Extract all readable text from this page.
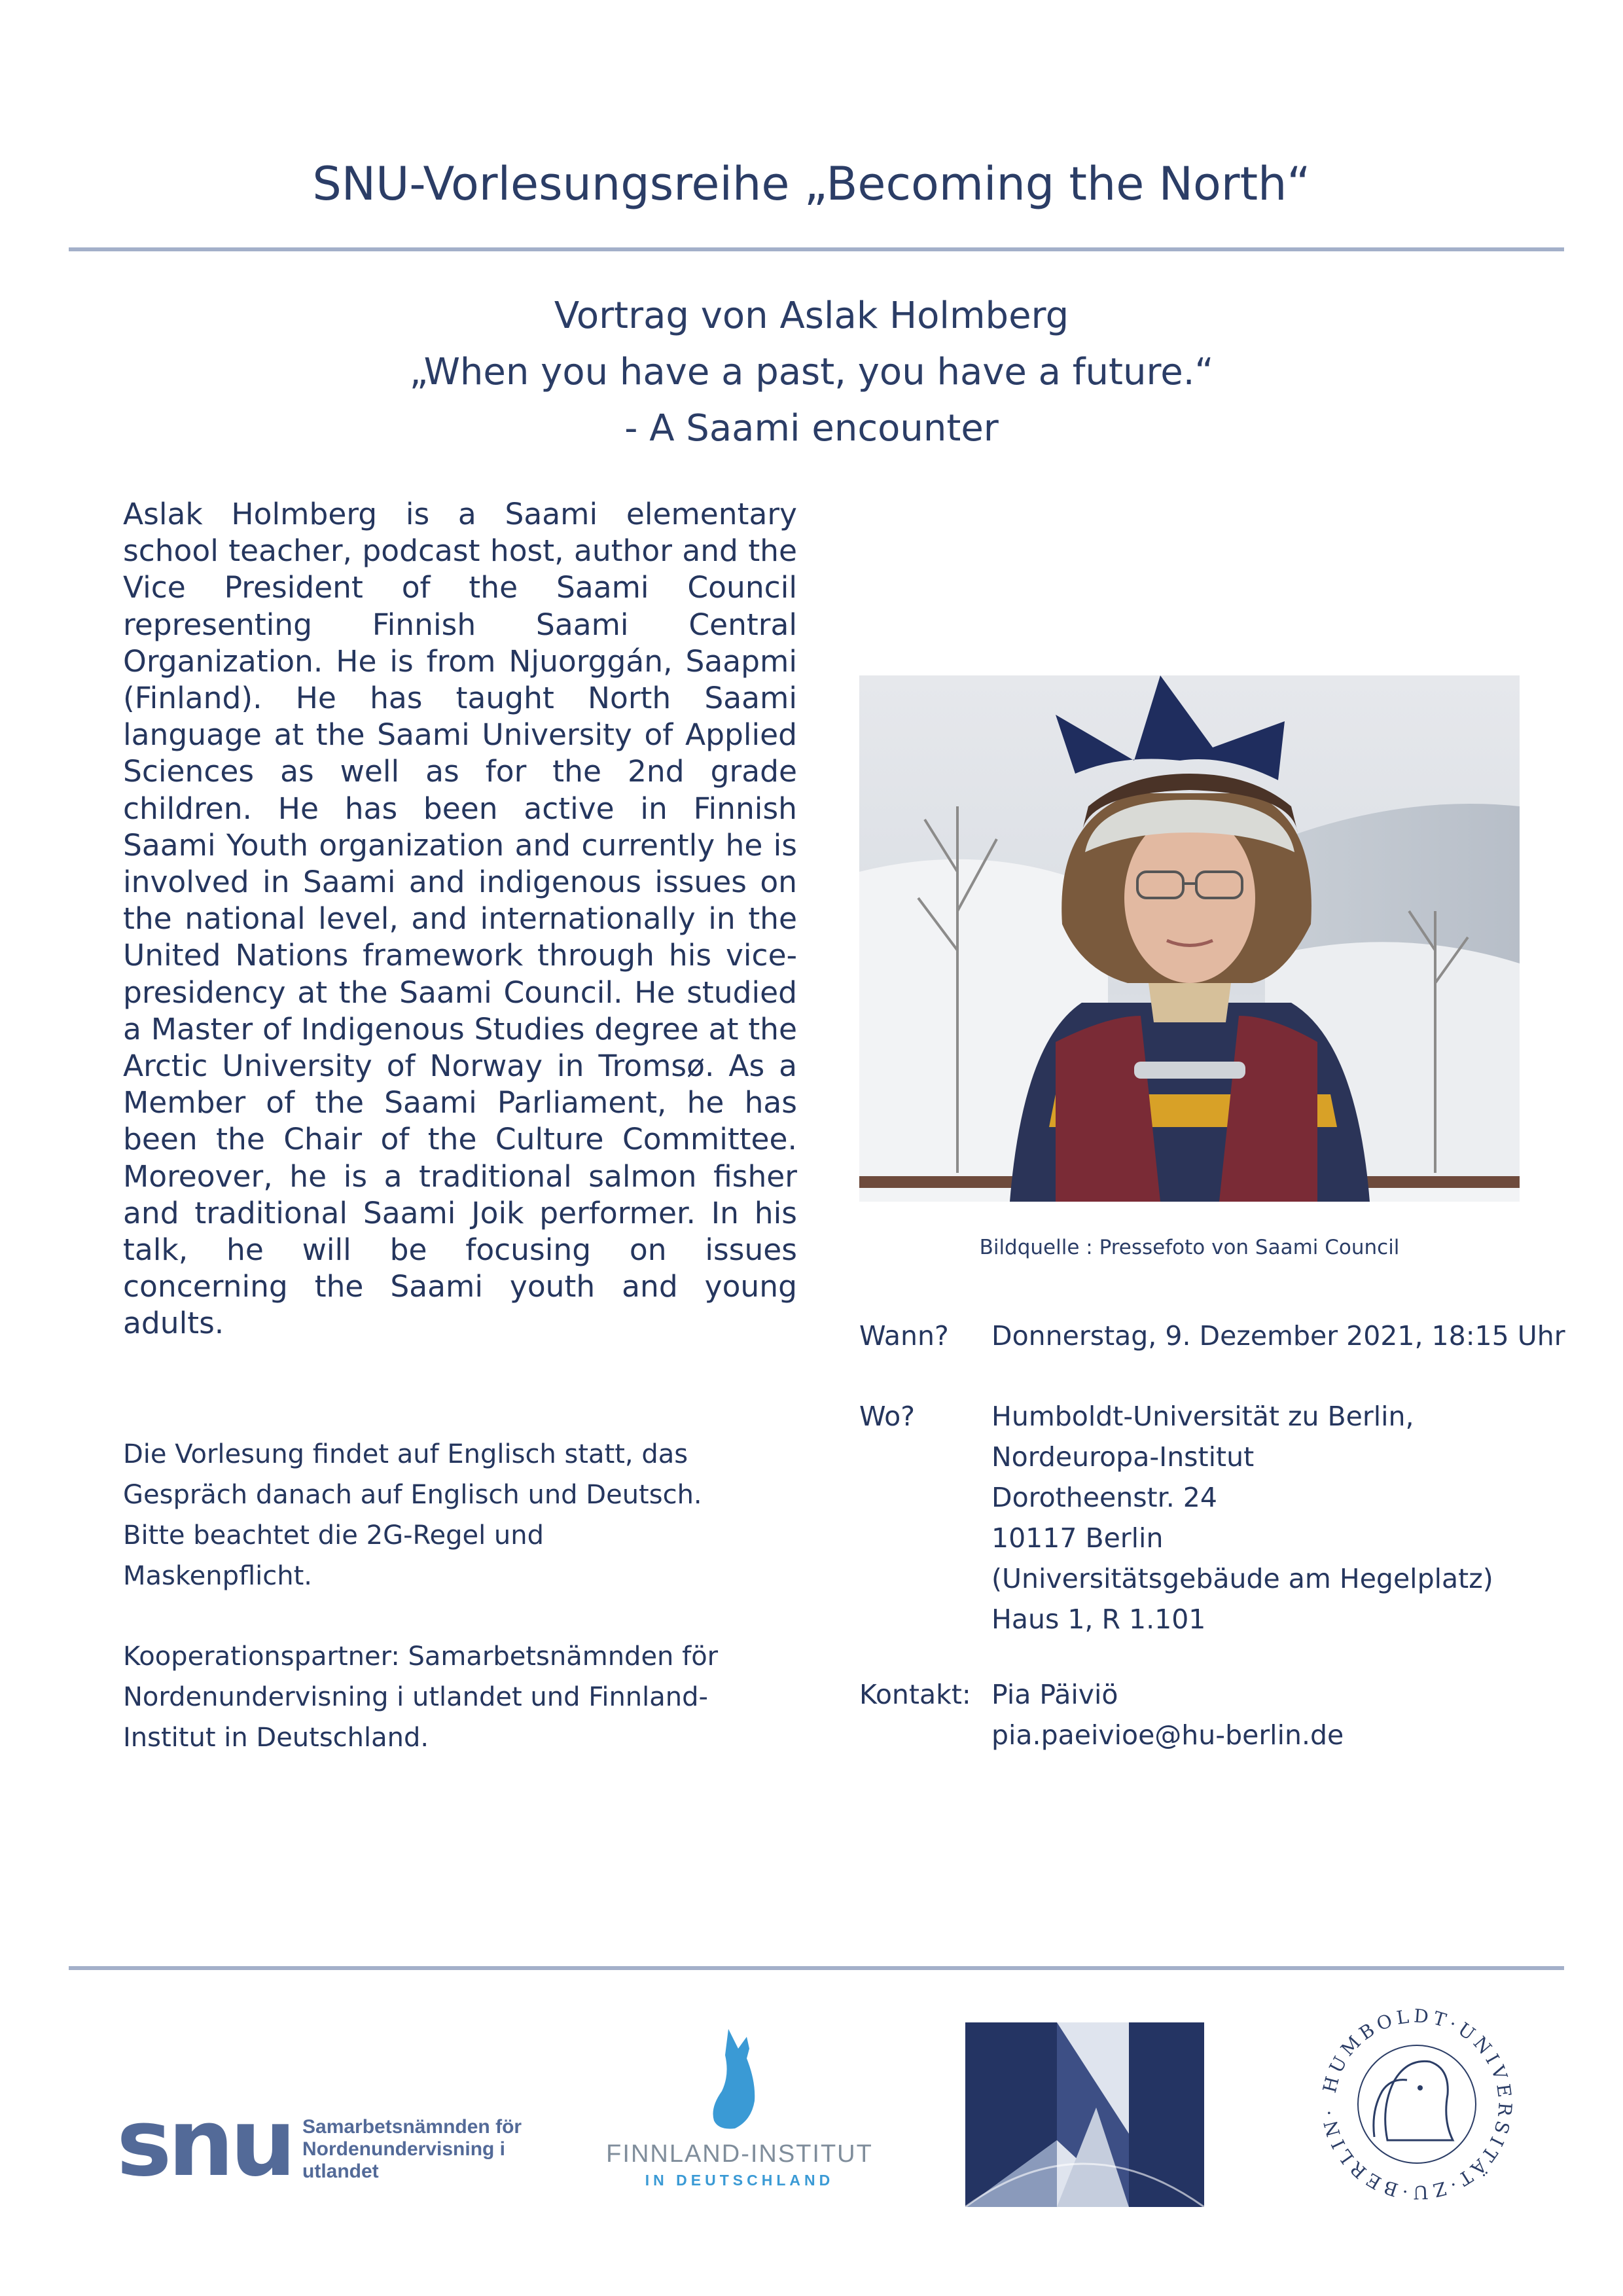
SNU-Vorlesungsreihe „Becoming the North“
Vortrag von Aslak Holmberg
„When you have a past, you have a future.“
- A Saami encounter
Aslak Holmberg is a Saami elementary school teacher, podcast host, author and the Vice President of the Saami Council representing Finnish Saami Central Organization. He is from Njuorggán, Saapmi (Finland). He has taught North Saami language at the Saami University of Applied Sciences as well as for the 2nd grade children. He has been active in Finnish Saami Youth organization and currently he is involved in Saami and indigenous issues on the national level, and internationally in the United Nations framework through his vice-presidency at the Saami Council. He studied a Master of Indigenous Studies degree at the Arctic University of Norway in Tromsø. As a Member of the Saami Parliament, he has been the Chair of the Culture Committee. Moreover, he is a traditional salmon fisher and traditional Saami Joik performer. In his talk, he will be focusing on issues concerning the Saami youth and young adults.
Die Vorlesung findet auf Englisch statt, das
Gespräch danach auf Englisch und Deutsch.
Bitte beachtet die 2G-Regel und
Maskenpflicht.
Kooperationspartner: Samarbetsnämnden för
Nordenundervisning i utlandet und Finnland-
Institut in Deutschland.
Bildquelle : Pressefoto von Saami Council
Wann? Donnerstag, 9. Dezember 2021, 18:15 Uhr
Wo?	Humboldt-Universität zu Berlin,
Nordeuropa-Institut
Dorotheenstr. 24
10117 Berlin
(Universitätsgebäude am Hegelplatz)
Haus 1, R 1.101
Kontakt: Pia Päiviö
pia.paeivioe@hu-berlin.de
snu Samarbetsnämnden för
Nordenundervisning i
utlandet
FINNLAND-INSTITUT
IN DEUTSCHLAND
HUMBOLDT·UNIVERSITÄT·ZU·BERLIN·
